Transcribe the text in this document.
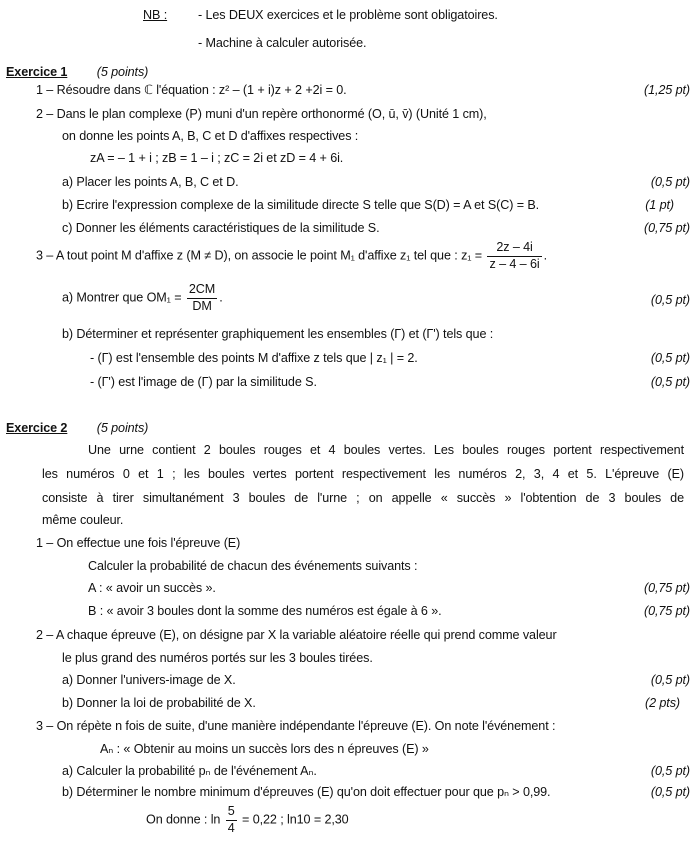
NB : - Les DEUX exercices et le problème sont obligatoires.
- Machine à calculer autorisée.
Exercice 1 (5 points)
1 – Résoudre dans ℂ l'équation : z² – (1 + i)z + 2 +2i = 0.	(1,25 pt)
2 – Dans le plan complexe (P) muni d'un repère orthonormé (O, ū, v̄) (Unité 1 cm),
on donne les points A, B, C et D d'affixes respectives :
zA = – 1 + i ; zB = 1 – i ; zC = 2i et zD = 4 + 6i.
a) Placer les points A, B, C et D.	(0,5 pt)
b) Ecrire l'expression complexe de la similitude directe S telle que S(D) = A et S(C) = B.	(1 pt)
c) Donner les éléments caractéristiques de la similitude S.	(0,75 pt)
3 – A tout point M d'affixe z (M ≠ D), on associe le point M₁ d'affixe z₁ tel que : $z_1 = \frac{2z - 4i}{z - 4 - 6i}$ .
a) Montrer que $OM_1 = \frac{2CM}{DM}$ .	(0,5 pt)
b) Déterminer et représenter graphiquement les ensembles (Γ) et (Γ') tels que :
- (Γ) est l'ensemble des points M d'affixe z tels que | z₁ | = 2.	(0,5 pt)
- (Γ') est l'image de (Γ) par la similitude S.	(0,5 pt)
Exercice 2 (5 points)
Une urne contient 2 boules rouges et 4 boules vertes. Les boules rouges portent respectivement
les numéros 0 et 1 ; les boules vertes portent respectivement les numéros 2, 3, 4 et 5. L'épreuve (E)
consiste à tirer simultanément 3 boules de l'urne ; on appelle « succès » l'obtention de 3 boules de
même couleur.
1 – On effectue une fois l'épreuve (E)
Calculer la probabilité de chacun des événements suivants :
A : « avoir un succès ».	(0,75 pt)
B : « avoir 3 boules dont la somme des numéros est égale à 6 ».	(0,75 pt)
2 – A chaque épreuve (E), on désigne par X la variable aléatoire réelle qui prend comme valeur
le plus grand des numéros portés sur les 3 boules tirées.
a) Donner l'univers-image de X.	(0,5 pt)
b) Donner la loi de probabilité de X.	(2 pts)
3 – On répète n fois de suite, d'une manière indépendante l'épreuve (E). On note l'événement :
Aₙ : « Obtenir au moins un succès lors des n épreuves (E) »
a) Calculer la probabilité pₙ de l'événement Aₙ.	(0,5 pt)
b) Déterminer le nombre minimum d'épreuves (E) qu'on doit effectuer pour que pₙ > 0,99.	(0,5 pt)
On donne : $\ln \frac{5}{4} = 0,22$ ; ln10 = 2,30
